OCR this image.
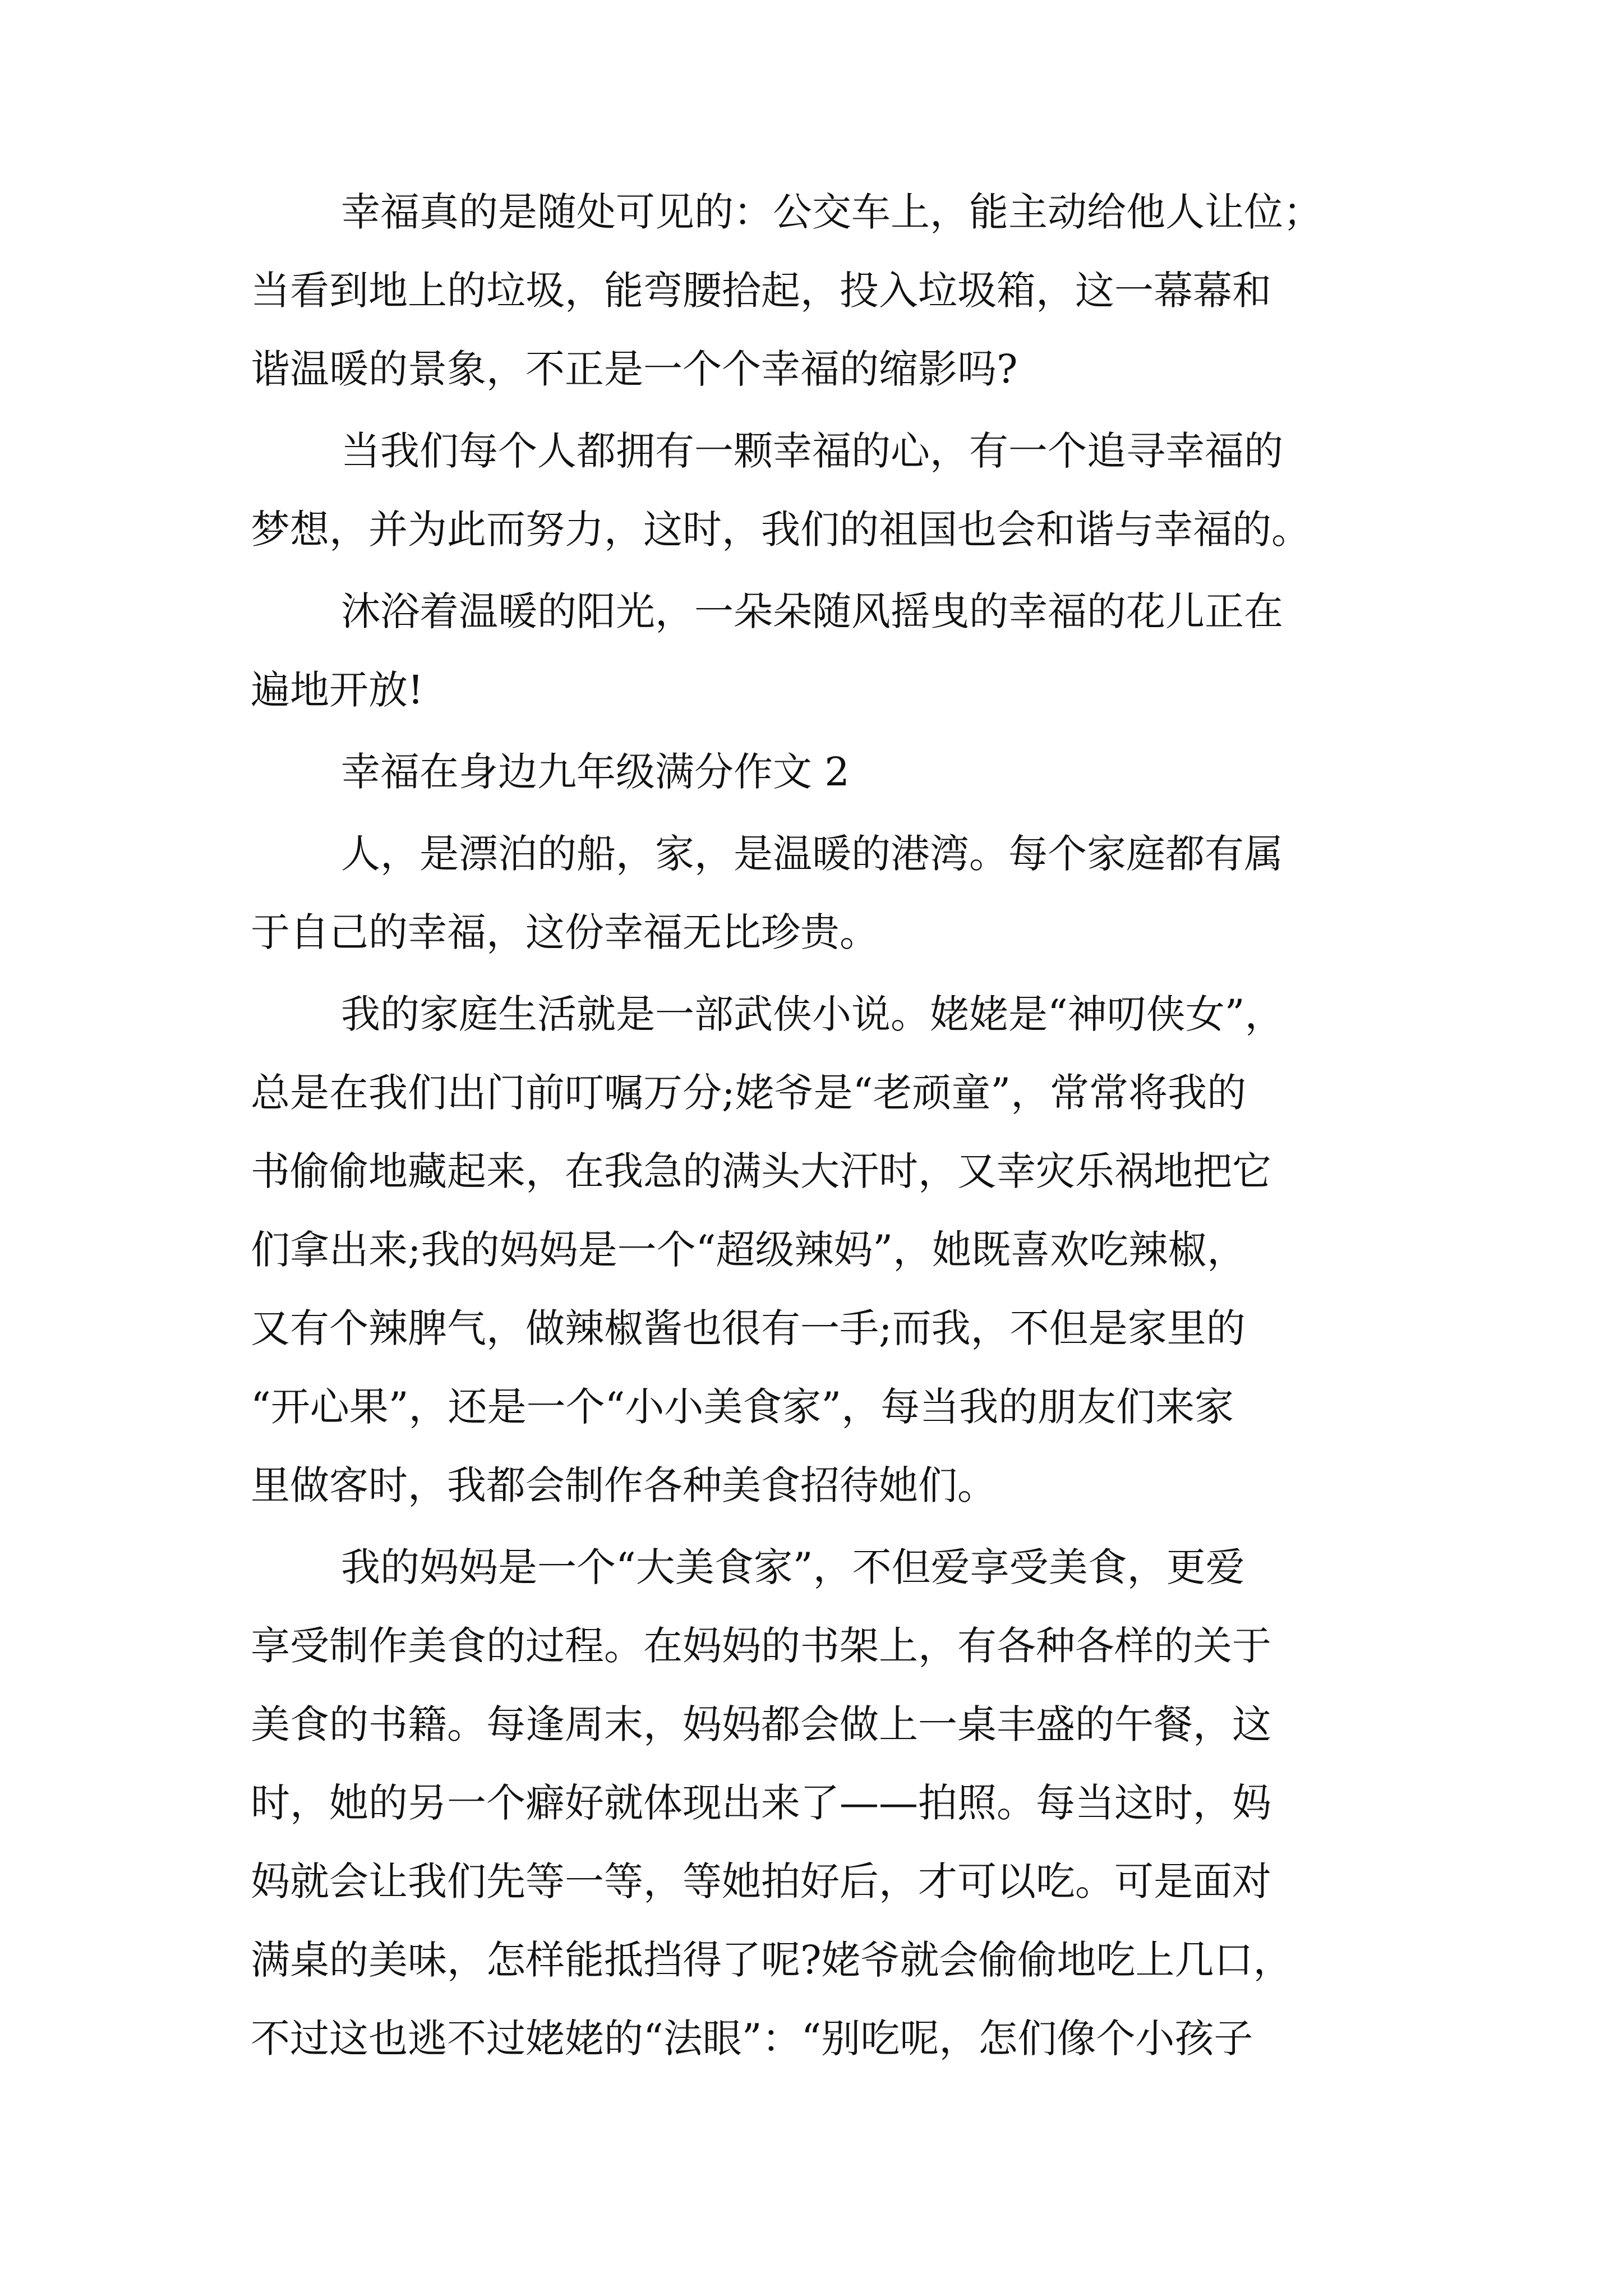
幸福真的是随处可见的：公交车上，能主动给他人让位；
当看到地上的垃圾，能弯腰拾起，投入垃圾箱，这一幕幕和
谐温暖的景象，不正是一个个幸福的缩影吗?
当我们每个人都拥有一颗幸福的心，有一个追寻幸福的
梦想，并为此而努力，这时，我们的祖国也会和谐与幸福的。
沐浴着温暖的阳光，一朵朵随风摇曳的幸福的花儿正在
遍地开放!
幸福在身边九年级满分作文 2
人，是漂泊的船，家，是温暖的港湾。每个家庭都有属
于自己的幸福，这份幸福无比珍贵。
我的家庭生活就是一部武侠小说。姥姥是“神叨侠女”，
总是在我们出门前叮嘱万分;姥爷是“老顽童”，常常将我的
书偷偷地藏起来，在我急的满头大汗时，又幸灾乐祸地把它
们拿出来;我的妈妈是一个“超级辣妈”，她既喜欢吃辣椒，
又有个辣脾气，做辣椒酱也很有一手;而我，不但是家里的
“开心果”，还是一个“小小美食家”，每当我的朋友们来家
里做客时，我都会制作各种美食招待她们。
我的妈妈是一个“大美食家”，不但爱享受美食，更爱
享受制作美食的过程。在妈妈的书架上，有各种各样的关于
美食的书籍。每逢周末，妈妈都会做上一桌丰盛的午餐，这
时，她的另一个癖好就体现出来了——拍照。每当这时，妈
妈就会让我们先等一等，等她拍好后，才可以吃。可是面对
满桌的美味，怎样能抵挡得了呢?姥爷就会偷偷地吃上几口，
不过这也逃不过姥姥的“法眼”：“别吃呢，怎们像个小孩子
